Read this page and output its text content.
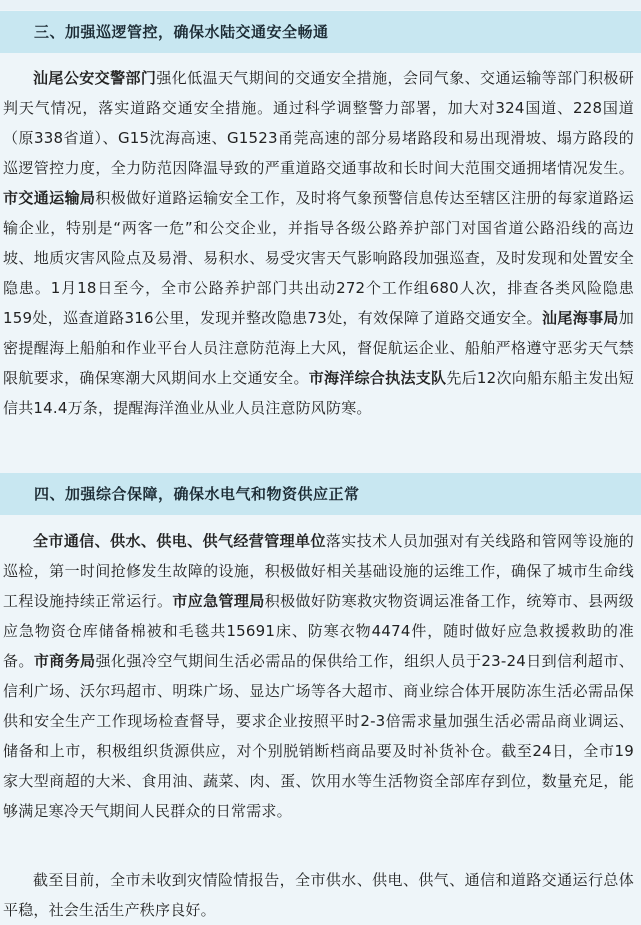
三、加强巡逻管控，确保水陆交通安全畅通

汕尾公安交警部门强化低温天气期间的交通安全措施，会同气象、交通运输等部门积极研判天气情况，落实道路交通安全措施。通过科学调整警力部署，加大对324国道、228国道（原338省道）、G15沈海高速、G1523甬莞高速的部分易堵路段和易出现滑坡、塌方路段的巡逻管控力度，全力防范因降温导致的严重道路交通事故和长时间大范围交通拥堵情况发生。市交通运输局积极做好道路运输安全工作，及时将气象预警信息传达至辖区注册的每家道路运输企业，特别是“两客一危”和公交企业，并指导各级公路养护部门对国省道公路沿线的高边坡、地质灾害风险点及易滑、易积水、易受灾害天气影响路段加强巡查，及时发现和处置安全隐患。1月18日至今，全市公路养护部门共出动272个工作组680人次，排查各类风险隐患159处，巡查道路316公里，发现并整改隐患73处，有效保障了道路交通安全。汕尾海事局加密提醒海上船舶和作业平台人员注意防范海上大风，督促航运企业、船舶严格遵守恶劣天气禁限航要求，确保寒潮大风期间水上交通安全。市海洋综合执法支队先后12次向船东船主发出短信共14.4万条，提醒海洋渔业从业人员注意防风防寒。

四、加强综合保障，确保水电气和物资供应正常

全市通信、供水、供电、供气经营管理单位落实技术人员加强对有关线路和管网等设施的巡检，第一时间抢修发生故障的设施，积极做好相关基础设施的运维工作，确保了城市生命线工程设施持续正常运行。市应急管理局积极做好防寒救灾物资调运准备工作，统筹市、县两级应急物资仓库储备棉被和毛毯共15691床、防寒衣物4474件，随时做好应急救援救助的准备。市商务局强化强冷空气期间生活必需品的保供给工作，组织人员于23-24日到信利超市、信利广场、沃尔玛超市、明珠广场、显达广场等各大超市、商业综合体开展防冻生活必需品保供和安全生产工作现场检查督导，要求企业按照平时2-3倍需求量加强生活必需品商业调运、储备和上市，积极组织货源供应，对个别脱销断档商品要及时补货补仓。截至24日，全市19家大型商超的大米、食用油、蔬菜、肉、蛋、饮用水等生活物资全部库存到位，数量充足，能够满足寒冷天气期间人民群众的日常需求。

截至目前，全市未收到灾情险情报告，全市供水、供电、供气、通信和道路交通运行总体平稳，社会生活生产秩序良好。
